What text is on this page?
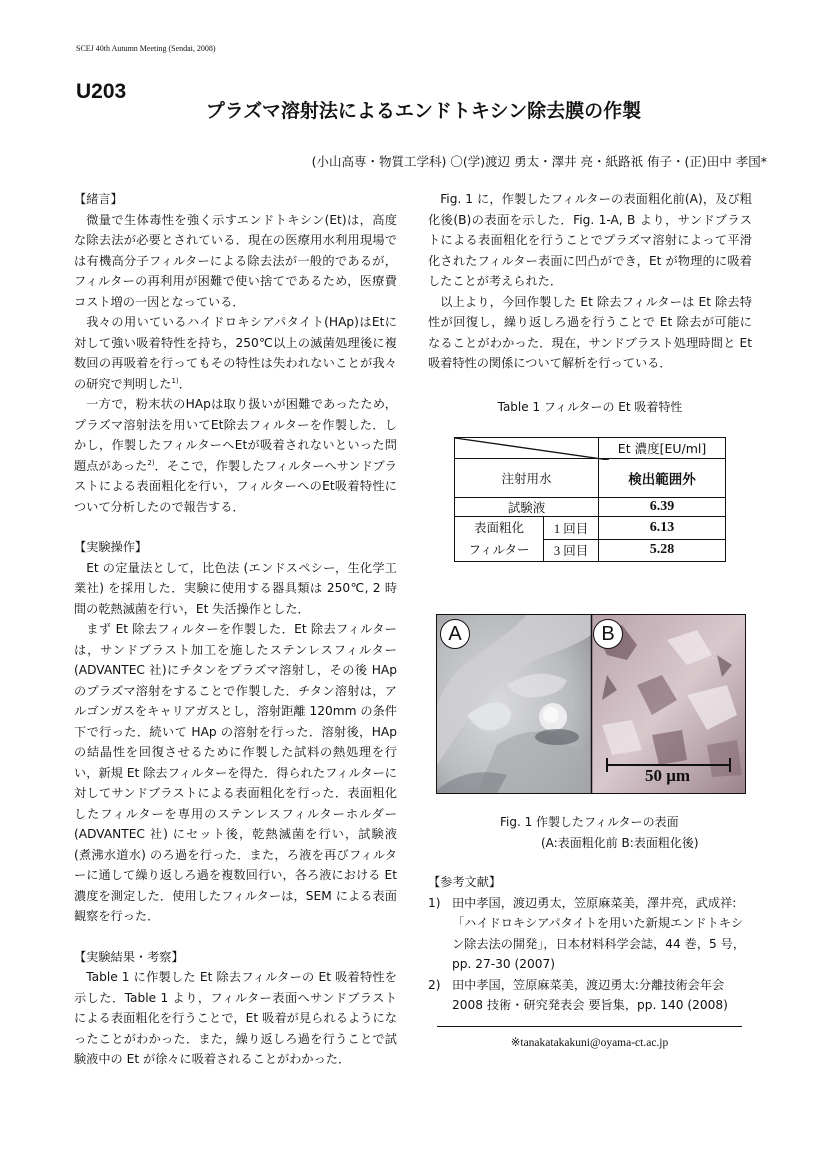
SCEJ 40th Autumn Meeting (Sendai, 2008)
U203
プラズマ溶射法によるエンドトキシン除去膜の作製
(小山高専・物質工学科) 〇(学)渡辺 勇太・澤井 亮・紙路祇 侑子・(正)田中 孝国*
【緒言】

微量で生体毒性を強く示すエンドトキシン(Et)は，高度な除去法が必要とされている．現在の医療用水利用現場では有機高分子フィルターによる除去法が一般的であるが，フィルターの再利用が困難で使い捨てであるため，医療費コスト増の一因となっている．

我々の用いているハイドロキシアパタイト(HAp)はEtに対して強い吸着特性を持ち，250℃以上の滅菌処理後に複数回の再吸着を行ってもその特性は失われないことが我々の研究で判明した$^{1)}$．

一方で，粉末状のHApは取り扱いが困難であったため，プラズマ溶射法を用いてEt除去フィルターを作製した．しかし，作製したフィルターへEtが吸着されないといった問題点があった$^{2)}$．そこで，作製したフィルターへサンドブラストによる表面粗化を行い，フィルターへのEt吸着特性について分析したので報告する．

【実験操作】

Et の定量法として，比色法 (エンドスペシー，生化学工業社) を採用した．実験に使用する器具類は 250℃, 2 時間の乾熱滅菌を行い，Et 失活操作とした．

まず Et 除去フィルターを作製した．Et 除去フィルターは，サンドブラスト加工を施したステンレスフィルター(ADVANTEC 社)にチタンをプラズマ溶射し，その後 HAp のプラズマ溶射をすることで作製した．チタン溶射は，アルゴンガスをキャリアガスとし，溶射距離 120mm の条件下で行った．続いて HAp の溶射を行った．溶射後，HAp の結晶性を回復させるために作製した試料の熱処理を行い，新規 Et 除去フィルターを得た．得られたフィルターに対してサンドブラストによる表面粗化を行った．表面粗化したフィルターを専用のステンレスフィルターホルダー (ADVANTEC 社) にセット後，乾熱滅菌を行い，試験液 (煮沸水道水) のろ過を行った．また，ろ液を再びフィルターに通して繰り返しろ過を複数回行い，各ろ液における Et 濃度を測定した．使用したフィルターは，SEM による表面観察を行った．

【実験結果・考察】

Table 1 に作製した Et 除去フィルターの Et 吸着特性を示した．Table 1 より，フィルター表面へサンドブラストによる表面粗化を行うことで，Et 吸着が見られるようになったことがわかった．また，繰り返しろ過を行うことで試験液中の Et が徐々に吸着されることがわかった．

Fig. 1 に，作製したフィルターの表面粗化前(A)，及び粗化後(B)の表面を示した．Fig. 1-A, B より，サンドブラストによる表面粗化を行うことでプラズマ溶射によって平滑化されたフィルター表面に凹凸ができ，Et が物理的に吸着したことが考えられた．

以上より，今回作製した Et 除去フィルターは Et 除去特性が回復し，繰り返しろ過を行うことで Et 除去が可能になることがわかった．現在，サンドブラスト処理時間と Et 吸着特性の関係について解析を行っている．

Table 1 フィルターの Et 吸着特性
	Et 濃度[EU/ml]
注射用水		検出範囲外
試験液		6.39

表面粗化
フィルター	1 回目	6.13
	3 回目	5.28
A	B
50 μm
Fig. 1 作製したフィルターの表面
(A:表面粗化前 B:表面粗化後)
【参考文献】
1) 田中孝国，渡辺勇太，笠原麻菜美，澤井亮，武成祥:「ハイドロキシアパタイトを用いた新規エンドトキシン除去法の開発」，日本材料科学会誌，44 巻，5 号，pp. 27-30 (2007)
2) 田中孝国，笠原麻菜美，渡辺勇太:分離技術会年会2008 技術・研究発表会 要旨集，pp. 140 (2008)
※tanakatakakuni@oyama-ct.ac.jp
